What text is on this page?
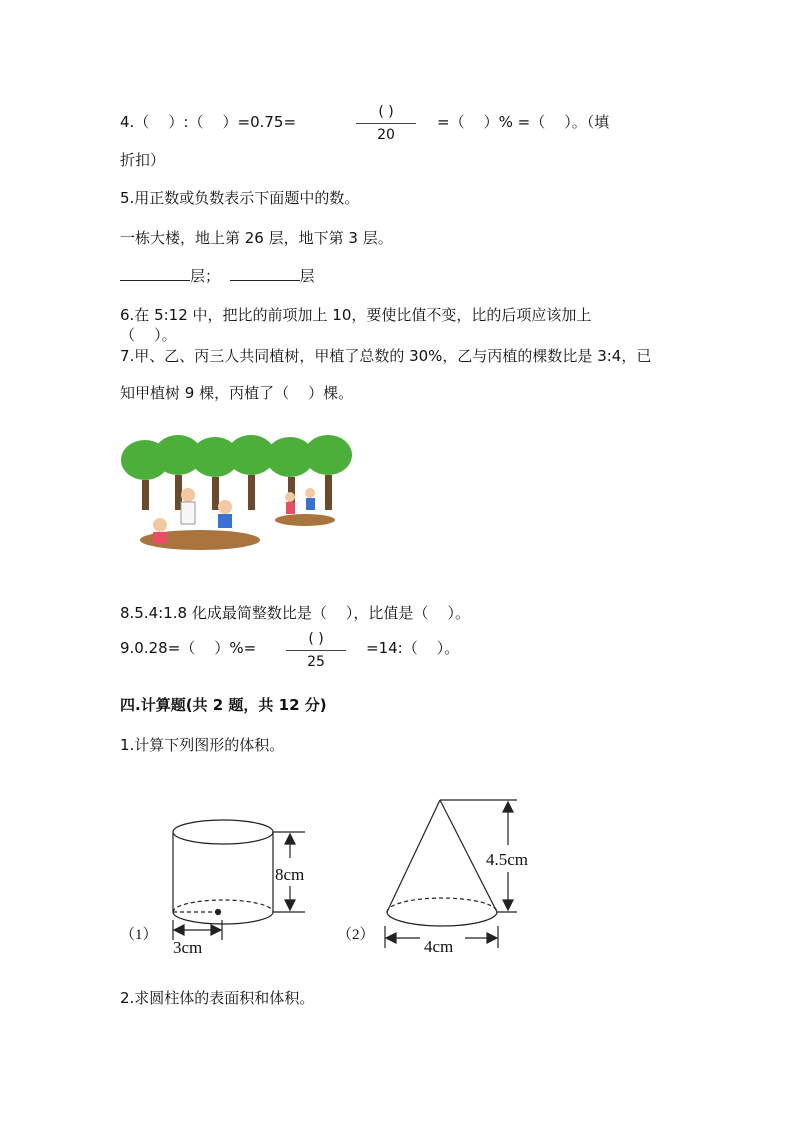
4.（    ）:（    ）=0.75=
( )
20
=（    ）% =（    ）。（填
折扣）
5.用正数或负数表示下面题中的数。
一栋大楼，地上第 26 层，地下第 3 层。
层；	层
6.在 5:12 中，把比的前项加上 10，要使比值不变，比的后项应该加上
（    ）。
7.甲、乙、丙三人共同植树，甲植了总数的 30%，乙与丙植的棵数比是 3:4，已
知甲植树 9 棵，丙植了（    ）棵。
8.5.4:1.8 化成最简整数比是（    ），比值是（    ）。
9.0.28=（    ）%=	( )
25
=14:（    ）。
四.计算题(共 2 题，共 12 分)
1.计算下列图形的体积。
8cm
3cm
（1）
4.5cm
4cm
（2）
2.求圆柱体的表面积和体积。
